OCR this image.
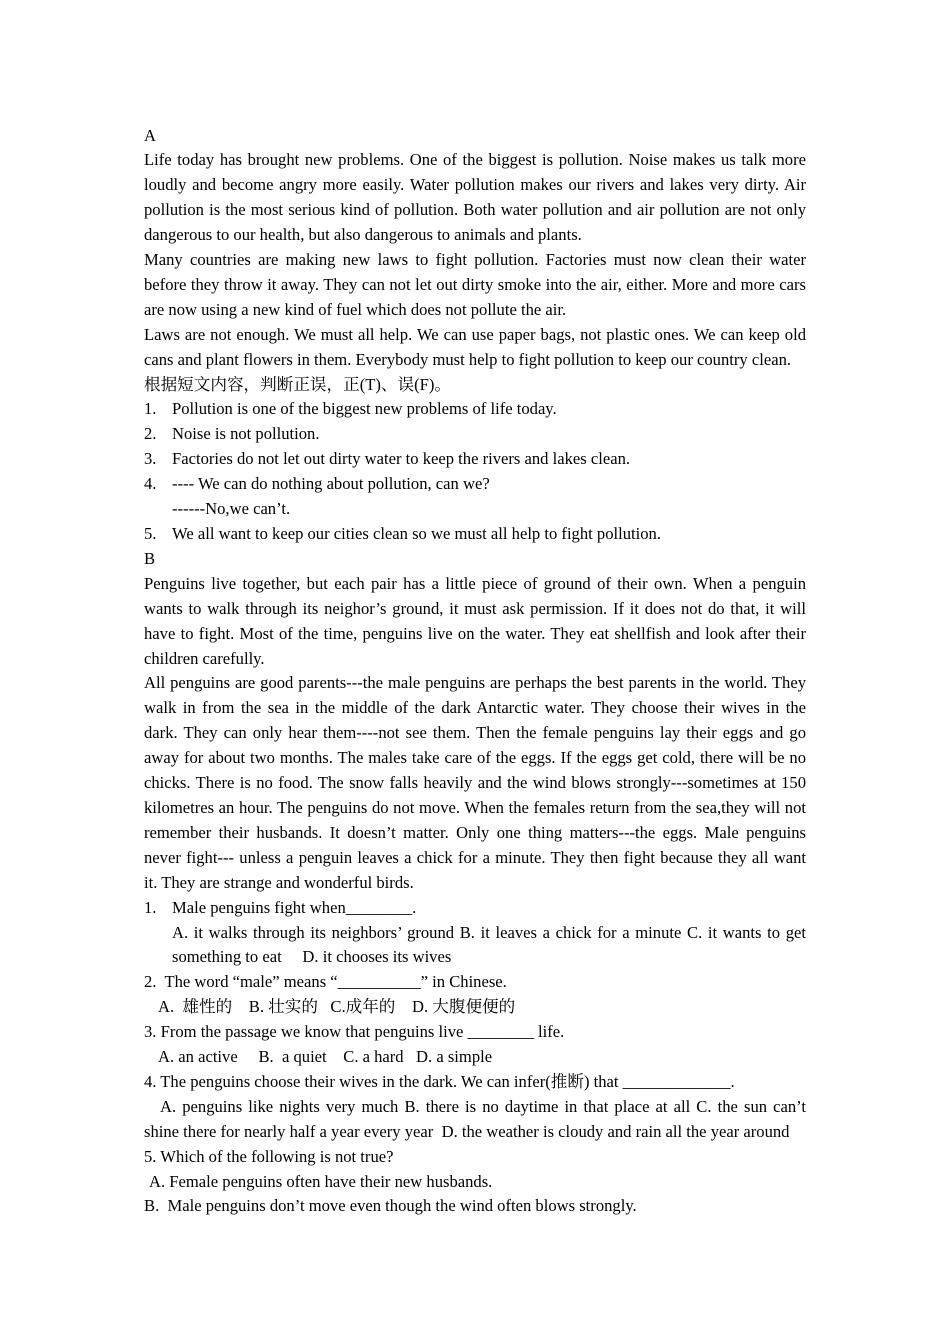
A
Life today has brought new problems. One of the biggest is pollution. Noise makes us talk more
loudly and become angry more easily. Water pollution makes our rivers and lakes very dirty. Air
pollution is the most serious kind of pollution. Both water pollution and air pollution are not only
dangerous to our health, but also dangerous to animals and plants.
Many countries are making new laws to fight pollution. Factories must now clean their water
before they throw it away. They can not let out dirty smoke into the air, either. More and more cars
are now using a new kind of fuel which does not pollute the air.
Laws are not enough. We must all help. We can use paper bags, not plastic ones. We can keep old
cans and plant flowers in them. Everybody must help to fight pollution to keep our country clean.
根据短文内容，判断正误，正(T)、误(F)。
1. Pollution is one of the biggest new problems of life today.
2. Noise is not pollution.
3. Factories do not let out dirty water to keep the rivers and lakes clean.
4. ---- We can do nothing about pollution, can we?
------No,we can’t.
5. We all want to keep our cities clean so we must all help to fight pollution.
B
Penguins live together, but each pair has a little piece of ground of their own. When a penguin
wants to walk through its neighor’s ground, it must ask permission. If it does not do that, it will
have to fight. Most of the time, penguins live on the water. They eat shellfish and look after their
children carefully.
All penguins are good parents---the male penguins are perhaps the best parents in the world. They
walk in from the sea in the middle of the dark Antarctic water. They choose their wives in the
dark. They can only hear them----not see them. Then the female penguins lay their eggs and go
away for about two months. The males take care of the eggs. If the eggs get cold, there will be no
chicks. There is no food. The snow falls heavily and the wind blows strongly---sometimes at 150
kilometres an hour. The penguins do not move. When the females return from the sea,they will not
remember their husbands. It doesn’t matter. Only one thing matters---the eggs. Male penguins
never fight--- unless a penguin leaves a chick for a minute. They then fight because they all want
it. They are strange and wonderful birds.
1. Male penguins fight when________.
A. it walks through its neighbors’ ground B. it leaves a chick for a minute C. it wants to get
something to eat     D. it chooses its wives
2.  The word “male” means “__________” in Chinese.
A.  雄性的    B. 壮实的   C.成年的    D. 大腹便便的
3. From the passage we know that penguins live ________ life.
A. an active     B.  a quiet    C. a hard   D. a simple
4. The penguins choose their wives in the dark. We can infer(推断) that _____________.
A. penguins like nights very much B. there is no daytime in that place at all C. the sun can’t
shine there for nearly half a year every year  D. the weather is cloudy and rain all the year around
5. Which of the following is not true?
A. Female penguins often have their new husbands.
B.  Male penguins don’t move even though the wind often blows strongly.
